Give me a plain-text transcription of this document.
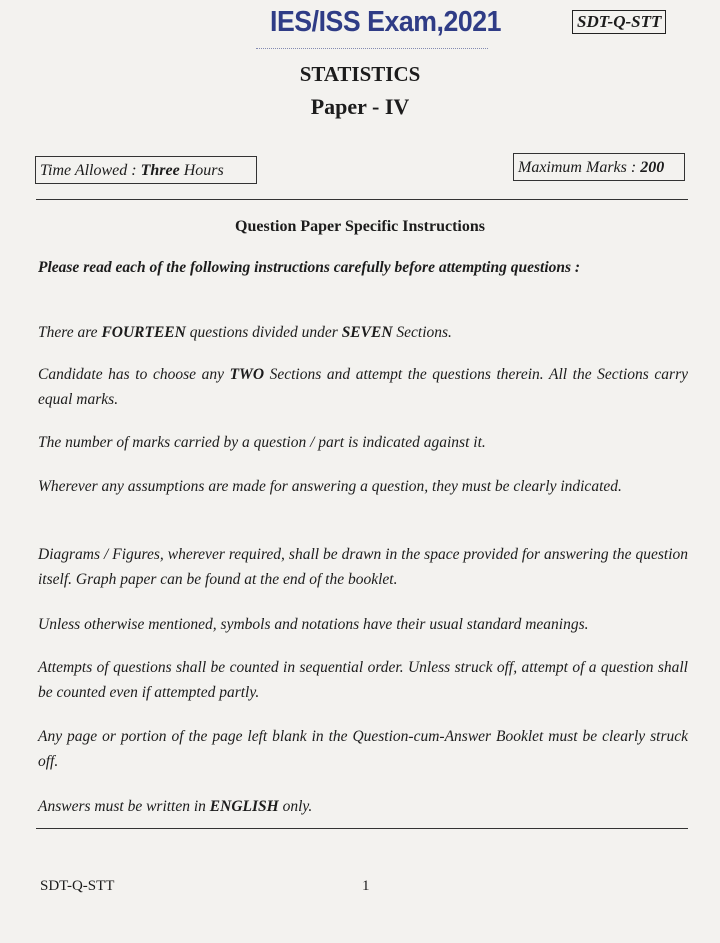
IES/ISS Exam,2021	SDT-Q-STT
STATISTICS
Paper - IV
Time Allowed : Three Hours	Maximum Marks : 200
Question Paper Specific Instructions
Please read each of the following instructions carefully before attempting questions :
There are FOURTEEN questions divided under SEVEN Sections.
Candidate has to choose any TWO Sections and attempt the questions therein. All the Sections carry equal marks.
The number of marks carried by a question / part is indicated against it.
Wherever any assumptions are made for answering a question, they must be clearly indicated.
Diagrams / Figures, wherever required, shall be drawn in the space provided for answering the question itself. Graph paper can be found at the end of the booklet.
Unless otherwise mentioned, symbols and notations have their usual standard meanings.
Attempts of questions shall be counted in sequential order. Unless struck off, attempt of a question shall be counted even if attempted partly.
Any page or portion of the page left blank in the Question-cum-Answer Booklet must be clearly struck off.
Answers must be written in ENGLISH only.
SDT-Q-STT	1
